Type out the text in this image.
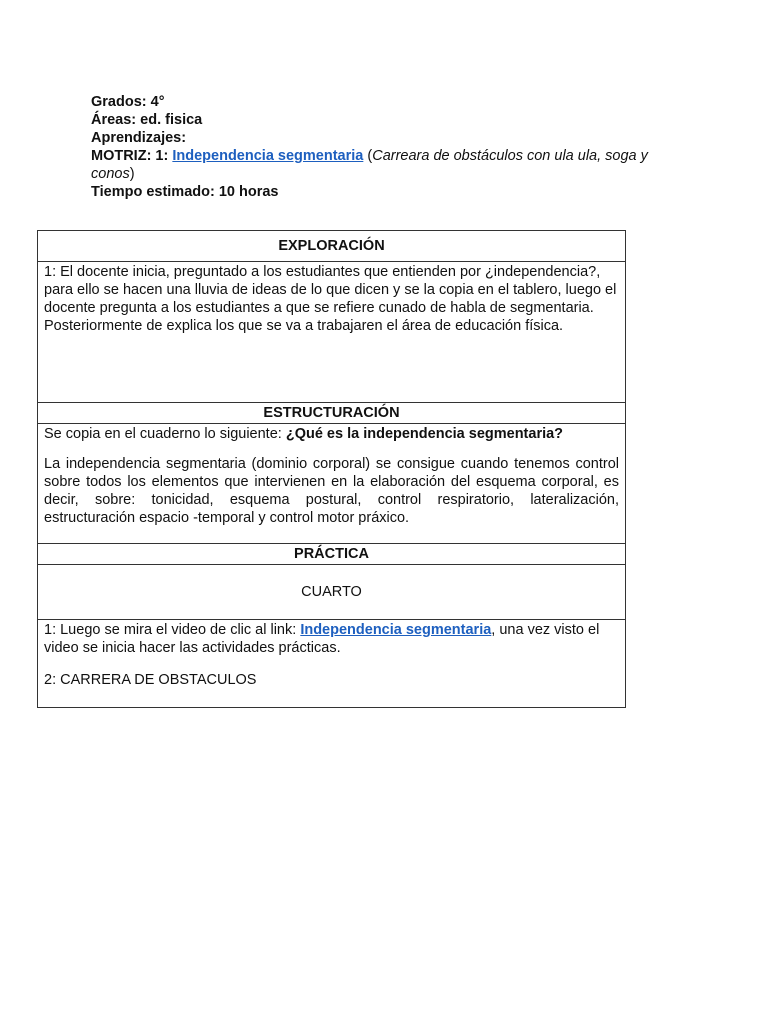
Grados: 4°

Áreas: ed. fisica

Aprendizajes:

MOTRIZ: 1: Independencia segmentaria (Carreara de obstáculos con ula ula, soga y conos)

Tiempo estimado: 10 horas

EXPLORACIÓN

1: El docente inicia, preguntado a los estudiantes que entienden por ¿independencia?, para ello se hacen una lluvia de ideas de lo que dicen y se la copia en el tablero, luego el docente pregunta a los estudiantes a que se refiere cunado de habla de segmentaria. Posteriormente de explica los que se va a trabajaren el área de educación física.

ESTRUCTURACIÓN

Se copia en el cuaderno lo siguiente: ¿Qué es la independencia segmentaria?

La independencia segmentaria (dominio corporal) se consigue cuando tenemos control sobre todos los elementos que intervienen en la elaboración del esquema corporal, es decir, sobre: tonicidad, esquema postural, control respiratorio, lateralización, estructuración espacio -temporal y control motor práxico.

PRÁCTICA
CUARTO

1: Luego se mira el video de clic al link: Independencia segmentaria, una vez visto el video se inicia hacer las actividades prácticas.

2: CARRERA DE OBSTACULOS
